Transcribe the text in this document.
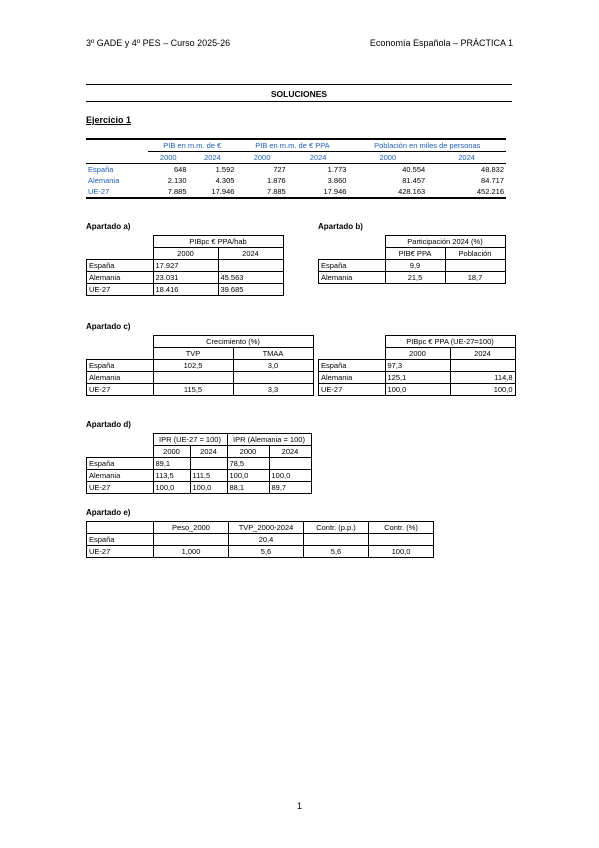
3º GADE y 4º PES – Curso 2025-26	Economía Española – PRÁCTICA 1
SOLUCIONES
Ejercicio 1
	PIB en m.m. de €		PIB en m.m. de € PPA		Población en miles de personas	
	2000	2024	2000	2024	2000	2024
España	648	1.592	727	1.773	40.554	48.832
Alemania	2.130	4.305	1.876	3.860	81.457	84.717
UE-27	7.885	17.946	7.885	17.946	428.163	452.216
Apartado a)
	PIBpc € PPA/hab	
	2000	2024
España	17.927	
Alemania	23.031	45.563
UE-27	18.416	39.685
Apartado b)
	Participación 2024 (%)	
	PIB€ PPA	Población
España	9,9	
Alemania	21,5	18,7
Apartado c)
	Crecimiento (%)	
	TVP	TMAA
España	102,5	3,0
Alemania		
UE-27	115,5	3,3
	PIBpc € PPA (UE-27=100)	
	2000	2024
España	97,3	
Alemania	125,1	114,8
UE-27	100,0	100,0
Apartado d)
	IPR (UE-27 = 100)		IPR (Alemania = 100)	
	2000	2024	2000	2024
España	89,1		78,5	
Alemania	113,5	111,5	100,0	100,0
UE-27	100,0	100,0	88,1	89,7
Apartado e)
	Peso_2000	TVP_2000-2024	Contr. (p.p.)	Contr. (%)
España		20,4		
UE-27	1,000	5,6	5,6	100,0
1
